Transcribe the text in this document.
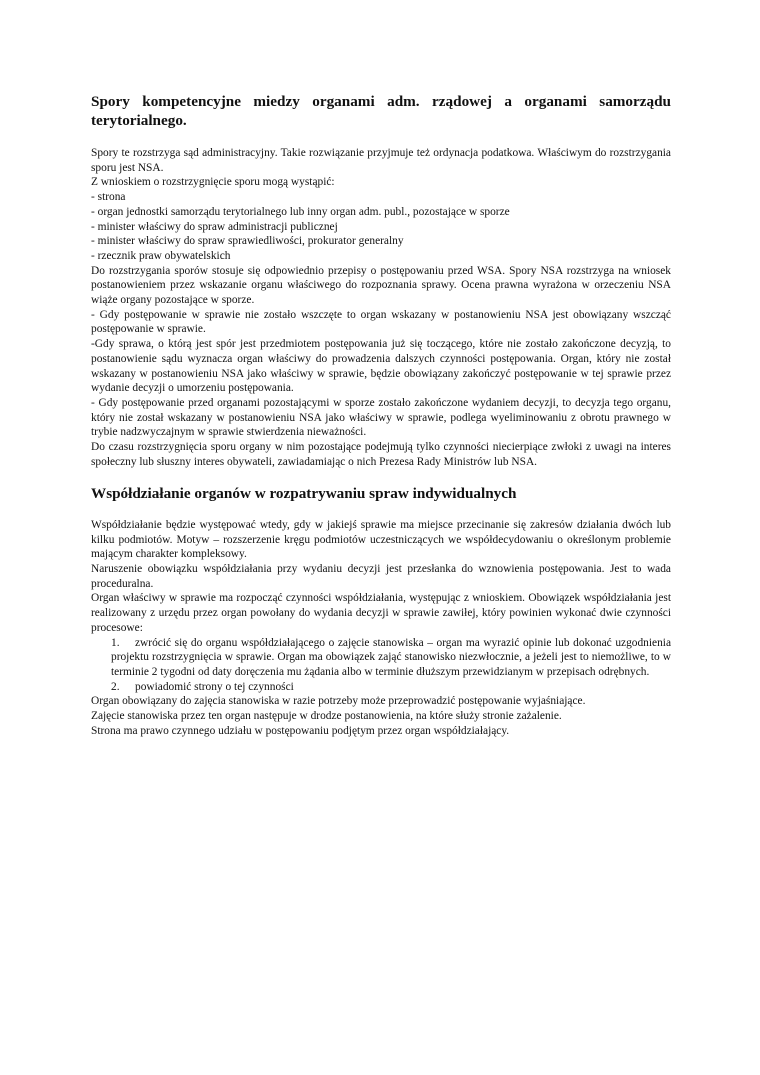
Spory kompetencyjne miedzy organami adm. rządowej a organami samorządu terytorialnego.

Spory te rozstrzyga sąd administracyjny. Takie rozwiązanie przyjmuje też ordynacja podatkowa. Właściwym do rozstrzygania sporu jest NSA.

Z wnioskiem o rozstrzygnięcie sporu mogą wystąpić:

- strona

- organ jednostki samorządu terytorialnego lub inny organ adm. publ., pozostające w sporze

- minister właściwy do spraw administracji publicznej

- minister właściwy do spraw sprawiedliwości, prokurator generalny

- rzecznik praw obywatelskich

Do rozstrzygania sporów stosuje się odpowiednio przepisy o postępowaniu przed WSA. Spory NSA rozstrzyga na wniosek postanowieniem przez wskazanie organu właściwego do rozpoznania sprawy. Ocena prawna wyrażona w orzeczeniu NSA wiąże organy pozostające w sporze.

- Gdy postępowanie w sprawie nie zostało wszczęte to organ wskazany w postanowieniu NSA jest obowiązany wszcząć postępowanie w sprawie.

-Gdy sprawa, o którą jest spór jest przedmiotem postępowania już się toczącego, które nie zostało zakończone decyzją, to postanowienie sądu wyznacza organ właściwy do prowadzenia dalszych czynności postępowania. Organ, który nie został wskazany w postanowieniu NSA jako właściwy w sprawie, będzie obowiązany zakończyć postępowanie w tej sprawie przez wydanie decyzji o umorzeniu postępowania.

- Gdy postępowanie przed organami pozostającymi w sporze zostało zakończone wydaniem decyzji, to decyzja tego organu, który nie został wskazany w postanowieniu NSA jako właściwy w sprawie, podlega wyeliminowaniu z obrotu prawnego w trybie nadzwyczajnym w sprawie stwierdzenia nieważności.

Do czasu rozstrzygnięcia sporu organy w nim pozostające podejmują tylko czynności niecierpiące zwłoki z uwagi na interes społeczny lub słuszny interes obywateli, zawiadamiając o nich Prezesa Rady Ministrów lub NSA.

Współdziałanie organów w rozpatrywaniu spraw indywidualnych

Współdziałanie będzie występować wtedy, gdy w jakiejś sprawie ma miejsce przecinanie się zakresów działania dwóch lub kilku podmiotów. Motyw – rozszerzenie kręgu podmiotów uczestniczących we współdecydowaniu o określonym problemie mającym charakter kompleksowy.

Naruszenie obowiązku współdziałania przy wydaniu decyzji jest przesłanka do wznowienia postępowania. Jest to wada proceduralna.

Organ właściwy w sprawie ma rozpocząć czynności współdziałania, występując z wnioskiem. Obowiązek współdziałania jest realizowany z urzędu przez organ powołany do wydania decyzji w sprawie zawiłej, który powinien wykonać dwie czynności procesowe:

1. zwrócić się do organu współdziałającego o zajęcie stanowiska – organ ma wyrazić opinie lub dokonać uzgodnienia projektu rozstrzygnięcia w sprawie. Organ ma obowiązek zająć stanowisko niezwłocznie, a jeżeli jest to niemożliwe, to w terminie 2 tygodni od daty doręczenia mu żądania albo w terminie dłuższym przewidzianym w przepisach odrębnych.

2. powiadomić strony o tej czynności

Organ obowiązany do zajęcia stanowiska w razie potrzeby może przeprowadzić postępowanie wyjaśniające.

Zajęcie stanowiska przez ten organ następuje w drodze postanowienia, na które służy stronie zażalenie.

Strona ma prawo czynnego udziału w postępowaniu podjętym przez organ współdziałający.
